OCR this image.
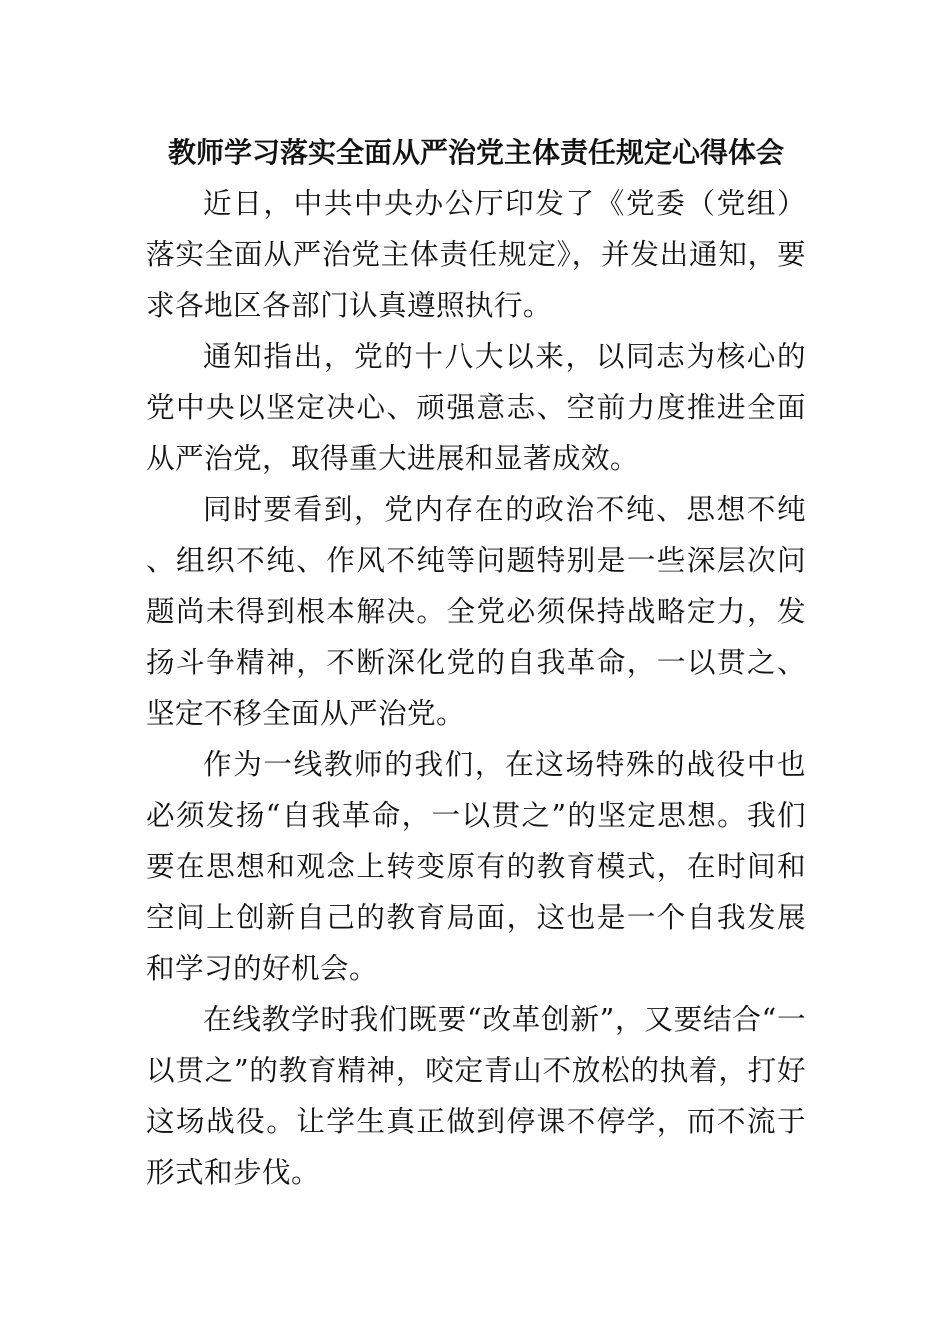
教师学习落实全面从严治党主体责任规定心得体会

近日，中共中央办公厅印发了《党委（党组）落实全面从严治党主体责任规定》，并发出通知，要求各地区各部门认真遵照执行。

通知指出，党的十八大以来，以同志为核心的党中央以坚定决心、顽强意志、空前力度推进全面从严治党，取得重大进展和显著成效。

同时要看到，党内存在的政治不纯、思想不纯、组织不纯、作风不纯等问题特别是一些深层次问题尚未得到根本解决。全党必须保持战略定力，发扬斗争精神，不断深化党的自我革命，一以贯之、坚定不移全面从严治党。

作为一线教师的我们，在这场特殊的战役中也必须发扬“自我革命，一以贯之”的坚定思想。我们要在思想和观念上转变原有的教育模式，在时间和空间上创新自己的教育局面，这也是一个自我发展和学习的好机会。

在线教学时我们既要“改革创新”，又要结合“一以贯之”的教育精神，咬定青山不放松的执着，打好这场战役。让学生真正做到停课不停学，而不流于形式和步伐。
